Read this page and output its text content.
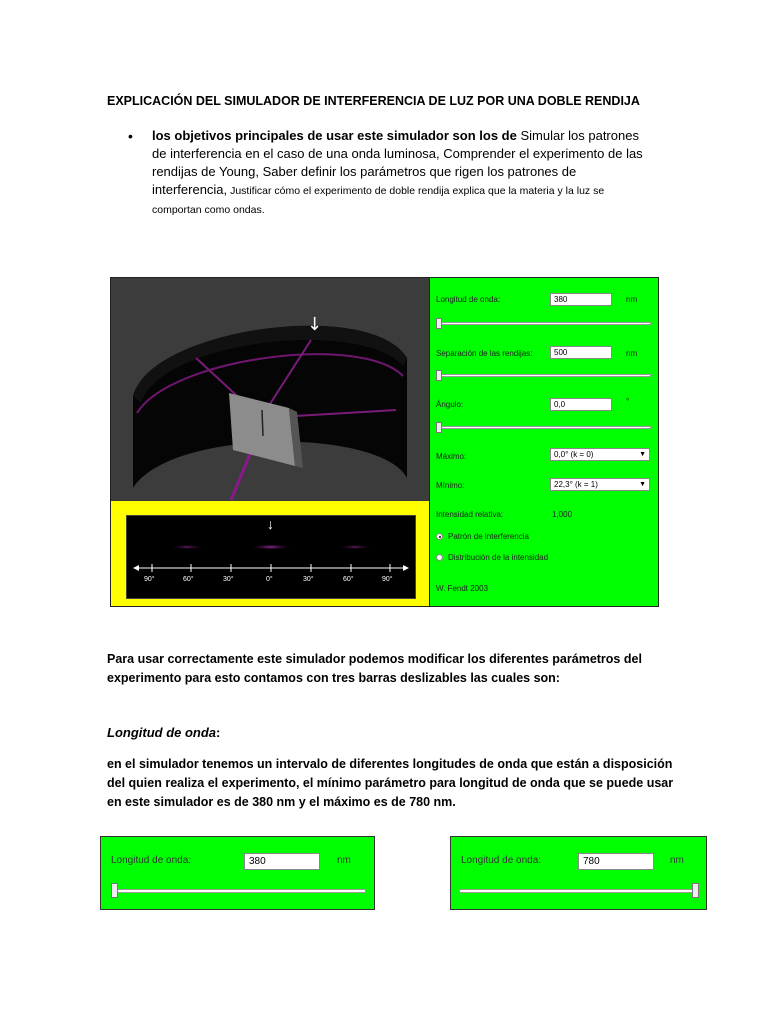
EXPLICACIÓN DEL SIMULADOR DE INTERFERENCIA DE LUZ POR UNA DOBLE RENDIJA
• los objetivos principales de usar este simulador son los de Simular los patrones de interferencia en el caso de una onda luminosa, Comprender el experimento de las rendijas de Young, Saber definir los parámetros que rigen los patrones de interferencia, Justificar cómo el experimento de doble rendija explica que la materia y la luz se comportan como ondas.
↓
↓
90°	60°	30°	0°	30°	60°	90°
Longitud de onda:	380	nm
Separación de las rendijas:	500	nm
Ángulo:	0,0	°
Máximo:	0,0° (k = 0)	▼
Mínimo:	22,3° (k = 1)	▼
Intensidad relativa:	1,000
Patrón de interferencia
Distribución de la intensidad
W. Fendt 2003
Para usar correctamente este simulador podemos modificar los diferentes parámetros del experimento para esto contamos con tres barras deslizables las cuales son:
Longitud de onda:
en el simulador tenemos un intervalo de diferentes longitudes de onda que están a disposición del quien realiza el experimento, el mínimo parámetro para longitud de onda que se puede usar en este simulador es de 380 nm y el máximo es de 780 nm.
Longitud de onda:	380	nm	Longitud de onda:	780	nm
